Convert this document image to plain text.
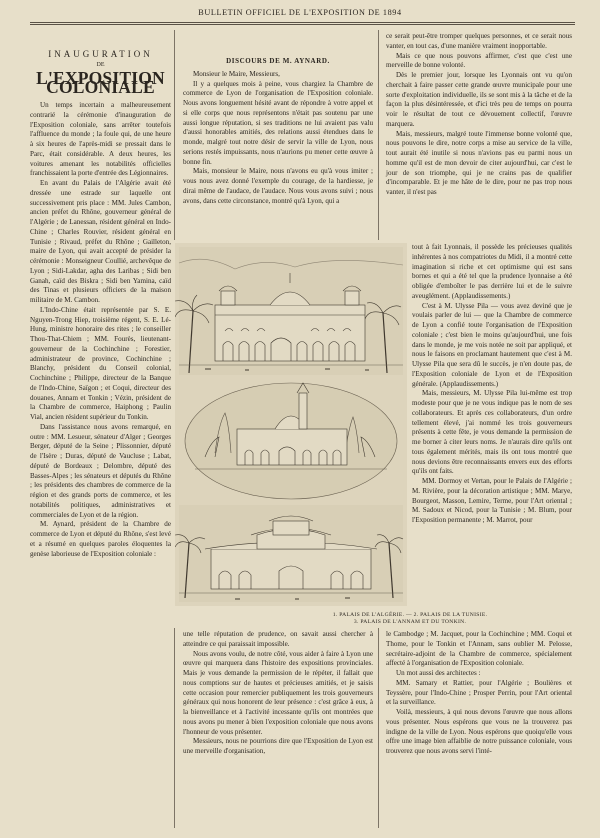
BULLETIN OFFICIEL DE L'EXPOSITION DE 1894
INAUGURATION
DE
L'EXPOSITION COLONIALE

Un temps incertain a malheureusement contrarié la cérémonie d'inauguration de l'Exposition coloniale, sans arrêter toutefois l'affluence du monde ; la foule qui, de une heure à six heures de l'après-midi se pressait dans le Parc, était considérable. A deux heures, les voitures amenant les notabilités officielles franchissaient la porte d'entrée des Légionnaires.

En avant du Palais de l'Algérie avait été dressée une estrade sur laquelle ont successivement pris place : MM. Jules Cambon, ancien préfet du Rhône, gouverneur général de l'Algérie ; de Lanessan, résident général en Indo-Chine ; Charles Rouvier, résident général en Tunisie ; Rivaud, préfet du Rhône ; Gailleton, maire de Lyon, qui avait accepté de présider la cérémonie : Monseigneur Coullié, archevêque de Lyon ; Sidi-Lakdar, agha des Laribas ; Sidi ben Ganah, caïd des Biskra ; Sidi ben Yamina, caïd des Tinas et plusieurs officiers de la maison militaire de M. Cambon.

L'Indo-Chine était représentée par S. E. Nguyen-Trong Hiep, troisième régent, S. E. Lé-Hung, ministre honoraire des rites ; le conseiller Thou-That-Chiem ; MM. Fourès, lieutenant-gouverneur de la Cochinchine ; Forestier, administrateur de province, Cochinchine ; Blanchy, président du Conseil colonial, Cochinchine ; Philippe, directeur de la Banque de l'Indo-Chine, Saïgon ; et Coqui, directeur des douanes, Annam et Tonkin ; Vézin, président de la Chambre de commerce, Haiphong ; Paulin Vial, ancien résident supérieur du Tonkin.

Dans l'assistance nous avons remarqué, en outre : MM. Lesueur, sénateur d'Alger ; Georges Berger, député de la Seine ; Plissonnier, député de l'Isère ; Duras, député de Vaucluse ; Labat, député de Bordeaux ; Delombre, député des Basses-Alpes ; les sénateurs et députés du Rhône ; les présidents des chambres de commerce de la région et des grands ports de commerce, et les notabilités politiques, administratives et commerciales de Lyon et de la région.

M. Aynard, président de la Chambre de commerce de Lyon et député du Rhône, s'est levé et a résumé en quelques paroles éloquentes la genèse laborieuse de l'Exposition coloniale :

DISCOURS DE M. AYNARD.

Monsieur le Maire, Messieurs,

Il y a quelques mois à peine, vous chargiez la Chambre de commerce de Lyon de l'organisation de l'Exposition coloniale. Nous avons longuement hésité avant de répondre à votre appel et si elle corps que nous représentons n'était pas soutenu par une aussi longue réputation, si ses traditions ne lui avaient pas valu d'aussi honorables amitiés, des relations aussi étendues dans le monde, malgré tout notre désir de servir la ville de Lyon, nous serions restés impuissants, nous n'aurions pu mener cette œuvre à bonne fin.

Mais, monsieur le Maire, nous n'avons eu qu'à vous imiter ; vous nous avez donné l'exemple du courage, de la hardiesse, je dirai même de l'audace, de l'audace. Nous vous avons suivi ; nous avons, dans cette circonstance, montré qu'à Lyon, qui a

ce serait peut-être tromper quelques personnes, et ce serait nous vanter, en tout cas, d'une manière vraiment inopportable.

Mais ce que nous pouvons affirmer, c'est que c'est une merveille de bonne volonté.

Dès le premier jour, lorsque les Lyonnais ont vu qu'on cherchait à faire passer cette grande œuvre municipale pour une sorte d'exploitation individuelle, ils se sont mis à la tâche et de la façon la plus désintéressée, et d'ici très peu de temps on pourra voir le résultat de tout ce dévouement collectif, l'œuvre marquera.

Mais, messieurs, malgré toute l'immense bonne volonté que, nous pouvons le dire, notre corps a mise au service de la ville, tout aurait été inutile si nous n'avions pas eu parmi nous un homme qu'il est de mon devoir de citer aujourd'hui, car c'est le jour de son triomphe, qui je ne crains pas de qualifier d'incomparable. Et je me hâte de le dire, pour ne pas trop nous vanter, il n'est pas

tout à fait Lyonnais, il possède les précieuses qualités inhérentes à nos compatriotes du Midi, il a montré cette imagination si riche et cet optimisme qui est sans bornes et qui a été tel que la prudence lyonnaise a été obligée d'emboîter le pas derrière lui et de le suivre aveuglément. (Applaudissements.)

C'est à M. Ulysse Pila — vous avez deviné que je voulais parler de lui — que la Chambre de commerce de Lyon a confié toute l'organisation de l'Exposition coloniale ; c'est bien le moins qu'aujourd'hui, une fois dans le monde, je me vois notée ne soit par appliqué, et nous le faisons en proclamant hautement que c'est à M. Ulysse Pila que sera dû le succès, je n'en doute pas, de l'Exposition coloniale de Lyon et de l'Exposition générale. (Applaudissements.)

Mais, messieurs, M. Ulysse Pila lui-même est trop modeste pour que je ne vous indique pas le nom de ses collaborateurs. Et après ces collaborateurs, d'un ordre tellement élevé, j'ai nommé les trois gouverneurs présents à cette fête, je vous demande la permission de me borner à citer leurs noms. Je n'aurais dire qu'ils ont tous également mérités, mais ils ont tous montré que nous devions être reconnaissants envers eux des efforts qu'ils ont faits.

MM. Dormoy et Vertan, pour le Palais de l'Algérie ; M. Rivière, pour la décoration artistique ; MM. Marye, Bourgeot, Masson, Lemire, Terme, pour l'Art oriental ; M. Sadoux et Nicod, pour la Tunisie ; M. Blum, pour l'Exposition permanente ; M. Marrot, pour

1. PALAIS DE L'ALGÉRIE. — 2. PALAIS DE LA TUNISIE.
3. PALAIS DE L'ANNAM ET DU TONKIN.

une telle réputation de prudence, on savait aussi chercher à atteindre ce qui paraissait impossible.

Nous avons voulu, de notre côté, vous aider à faire à Lyon une œuvre qui marquera dans l'histoire des expositions provinciales. Mais je vous demande la permission de le répéter, il fallait que nous comptions sur de hautes et précieuses amitiés, et je saisis cette occasion pour remercier publiquement les trois gouverneurs généraux qui nous honorent de leur présence : c'est grâce à eux, à la bienveillance et à l'activité incessante qu'ils ont montrées que nous avons pu mener à bien l'exposition coloniale que nous avons l'honneur de vous présenter.

Messieurs, nous ne pourrions dire que l'Exposition de Lyon est une merveille d'organisation,

le Cambodge ; M. Jacquet, pour la Cochinchine ; MM. Coqui et Thome, pour le Tonkin et l'Annam, sans oublier M. Pelosse, secrétaire-adjoint de la Chambre de commerce, spécialement affecté à l'organisation de l'Exposition coloniale.

Un mot aussi des architectes :

MM. Samary et Rattier, pour l'Algérie ; Boulières et Teyssère, pour l'Indo-Chine ; Prosper Perrin, pour l'Art oriental et la surveillance.

Voilà, messieurs, à qui nous devons l'œuvre que nous allons vous présenter. Nous espérons que vous ne la trouverez pas indigne de la ville de Lyon. Nous espérons que quoiqu'elle vous offre une image bien affaiblie de notre puissance coloniale, vous trouverez que nous avons servi l'inté-
